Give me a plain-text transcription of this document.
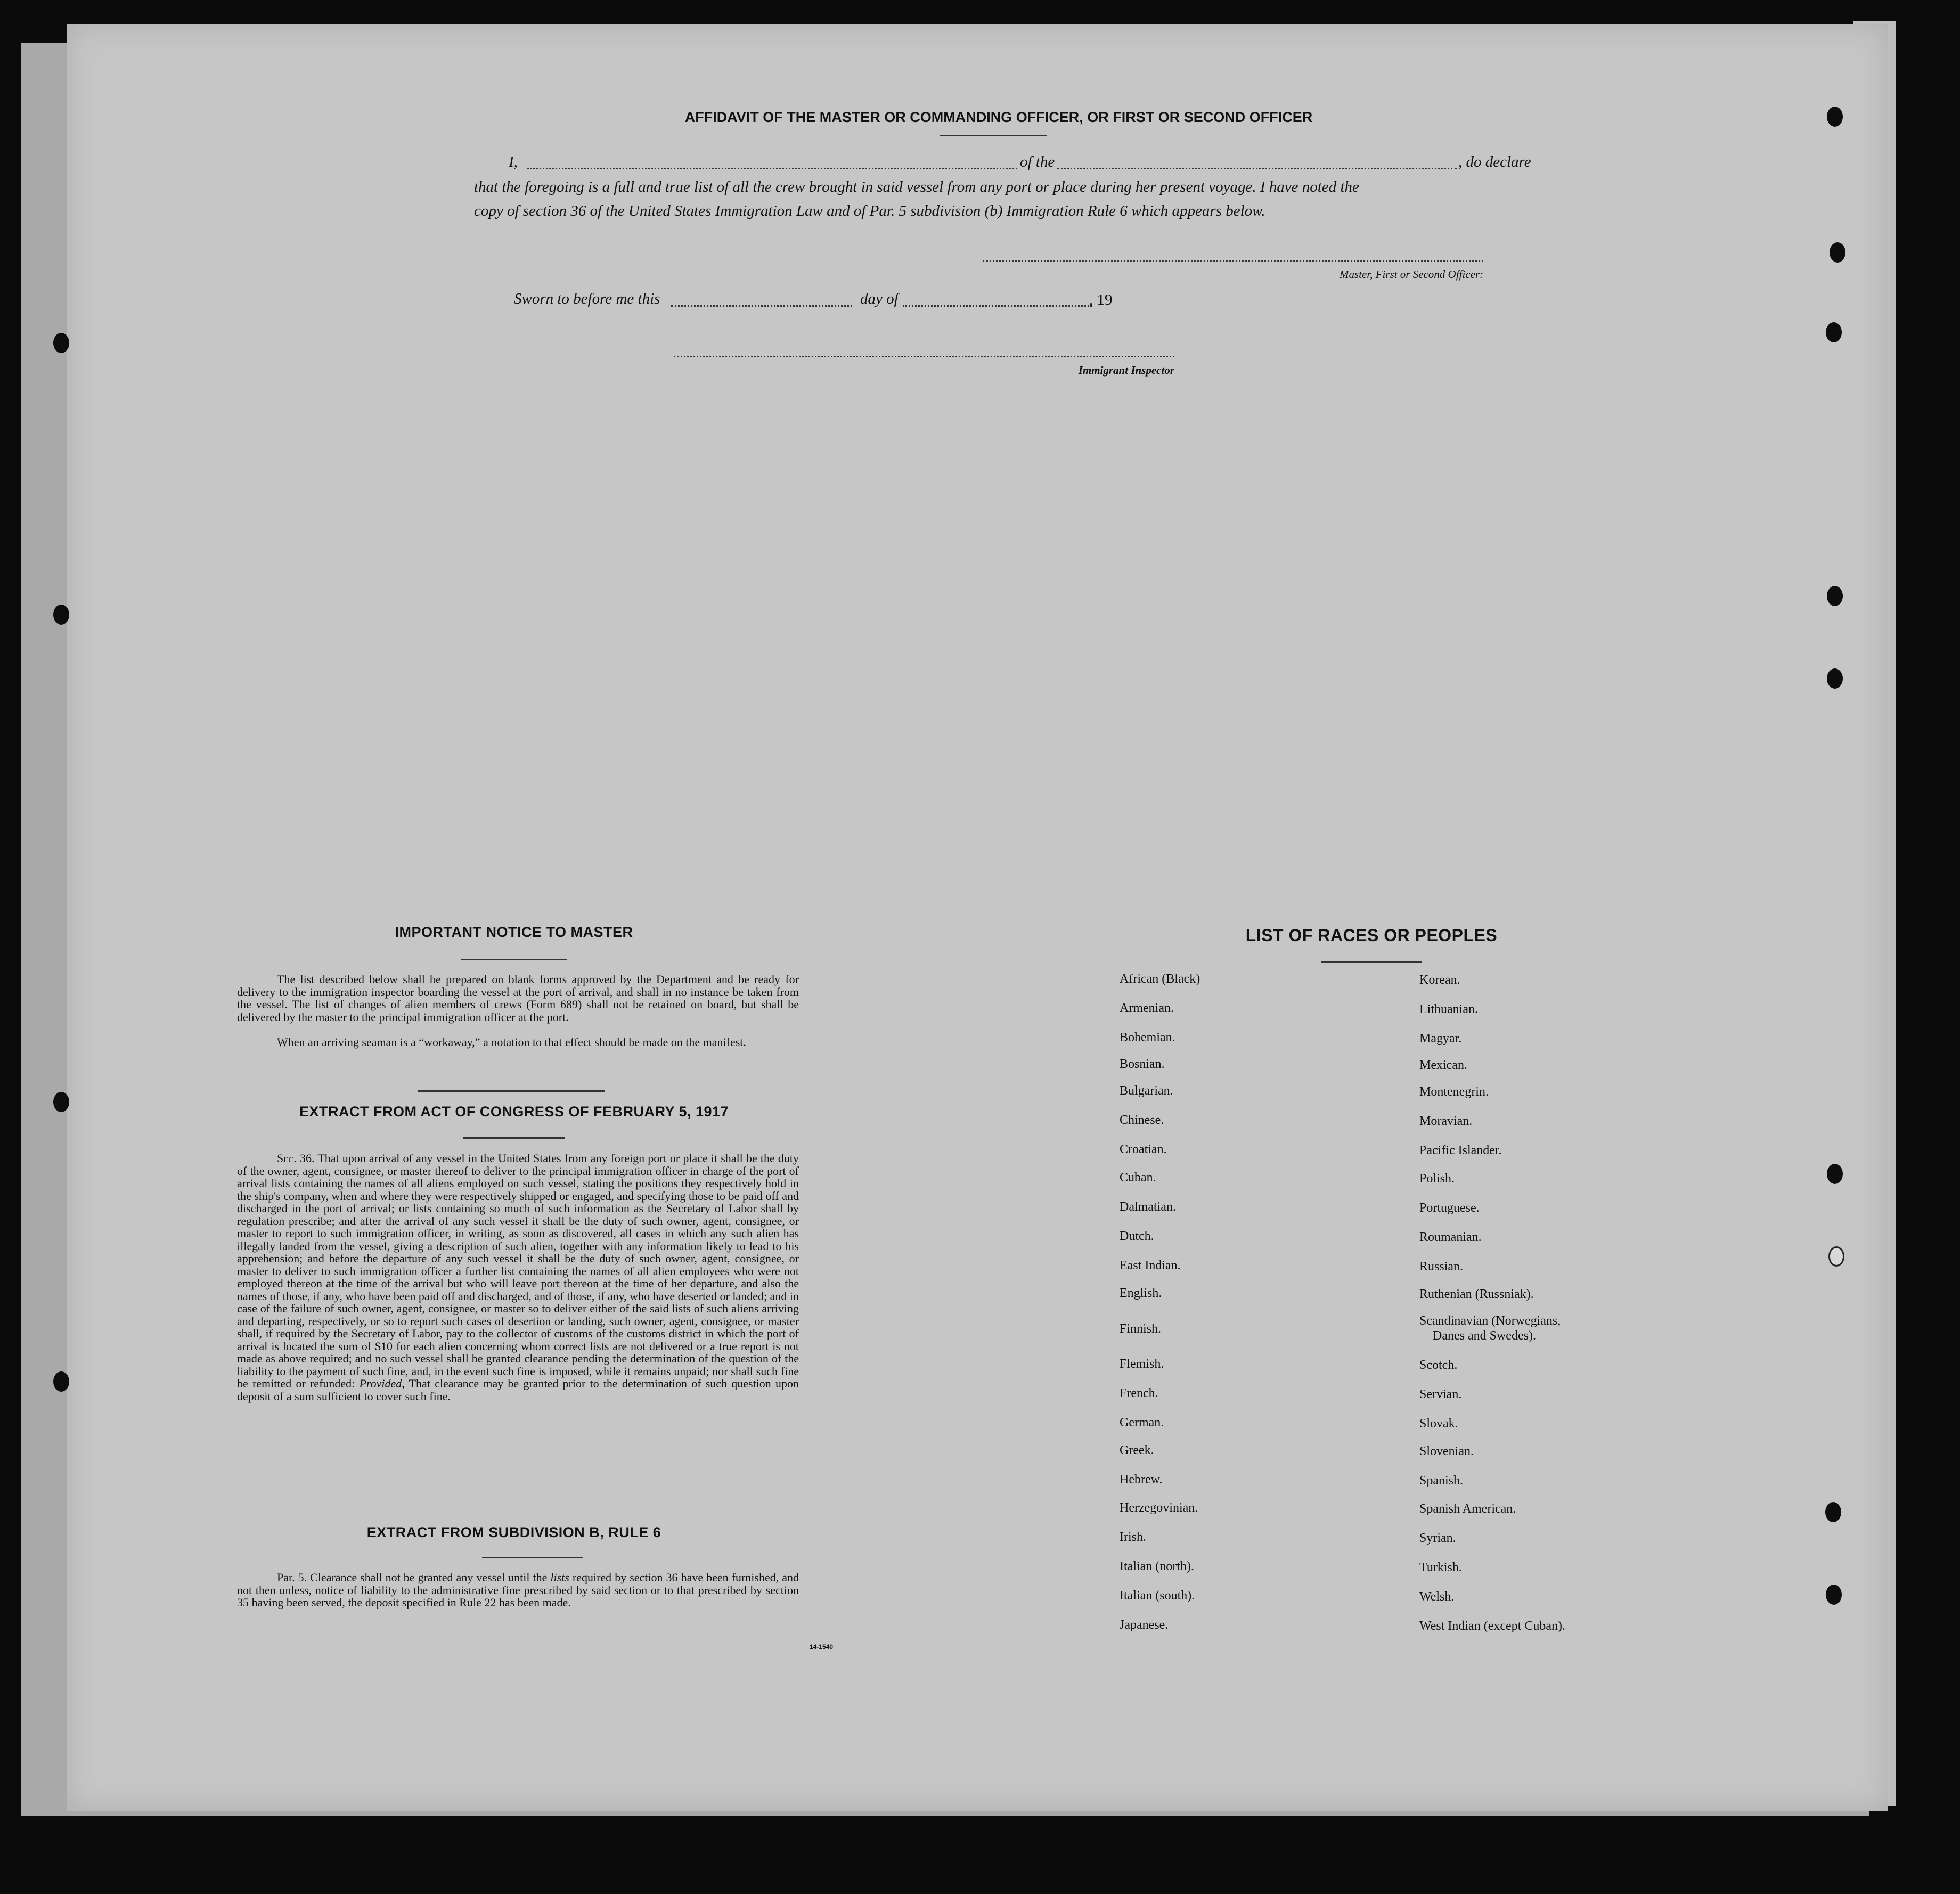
AFFIDAVIT OF THE MASTER OR COMMANDING OFFICER, OR FIRST OR SECOND OFFICER
I,	of the	, do declare
that the foregoing is a full and true list of all the crew brought in said vessel from any port or place during her present voyage. I have noted the
copy of section 36 of the United States Immigration Law and of Par. 5 subdivision (b) Immigration Rule 6 which appears below.
Master, First or Second Officer:
Sworn to before me this	day of	, 19
Immigrant Inspector
IMPORTANT NOTICE TO MASTER
The list described below shall be prepared on blank forms approved by the Department and be ready for delivery to the immigration inspector boarding the vessel at the port of arrival, and shall in no instance be taken from the vessel. The list of changes of alien members of crews (Form 689) shall not be retained on board, but shall be delivered by the master to the principal immigration officer at the port.
When an arriving seaman is a “workaway,” a notation to that effect should be made on the manifest.
EXTRACT FROM ACT OF CONGRESS OF FEBRUARY 5, 1917
Sec. 36. That upon arrival of any vessel in the United States from any foreign port or place it shall be the duty of the owner, agent, consignee, or master thereof to deliver to the principal immigration officer in charge of the port of arrival lists containing the names of all aliens employed on such vessel, stating the positions they respectively hold in the ship's company, when and where they were respectively shipped or engaged, and specifying those to be paid off and discharged in the port of arrival; or lists containing so much of such information as the Secretary of Labor shall by regulation prescribe; and after the arrival of any such vessel it shall be the duty of such owner, agent, consignee, or master to report to such immigration officer, in writing, as soon as discovered, all cases in which any such alien has illegally landed from the vessel, giving a description of such alien, together with any information likely to lead to his apprehension; and before the departure of any such vessel it shall be the duty of such owner, agent, consignee, or master to deliver to such immigration officer a further list containing the names of all alien employees who were not employed thereon at the time of the arrival but who will leave port thereon at the time of her departure, and also the names of those, if any, who have been paid off and discharged, and of those, if any, who have deserted or landed; and in case of the failure of such owner, agent, consignee, or master so to deliver either of the said lists of such aliens arriving and departing, respectively, or so to report such cases of desertion or landing, such owner, agent, consignee, or master shall, if required by the Secretary of Labor, pay to the collector of customs of the customs district in which the port of arrival is located the sum of $10 for each alien concerning whom correct lists are not delivered or a true report is not made as above required; and no such vessel shall be granted clearance pending the determination of the question of the liability to the payment of such fine, and, in the event such fine is imposed, while it remains unpaid; nor shall such fine be remitted or refunded: Provided, That clearance may be granted prior to the determination of such question upon deposit of a sum sufficient to cover such fine.
EXTRACT FROM SUBDIVISION B, RULE 6
Par. 5. Clearance shall not be granted any vessel until the lists required by section 36 have been furnished, and not then unless, notice of liability to the administrative fine prescribed by said section or to that prescribed by section 35 having been served, the deposit specified in Rule 22 has been made.
14-1540
LIST OF RACES OR PEOPLES
African (Black)
Armenian.
Bohemian.
Bosnian.
Bulgarian.
Chinese.
Croatian.
Cuban.
Dalmatian.
Dutch.
East Indian.
English.
Finnish.
Flemish.
French.
German.
Greek.
Hebrew.
Herzegovinian.
Irish.
Italian (north).
Italian (south).
Japanese.
Korean.
Lithuanian.
Magyar.
Mexican.
Montenegrin.
Moravian.
Pacific Islander.
Polish.
Portuguese.
Roumanian.
Russian.
Ruthenian (Russniak).
Scandinavian (Norwegians,
Danes and Swedes).
Scotch.
Servian.
Slovak.
Slovenian.
Spanish.
Spanish American.
Syrian.
Turkish.
Welsh.
West Indian (except Cuban).
